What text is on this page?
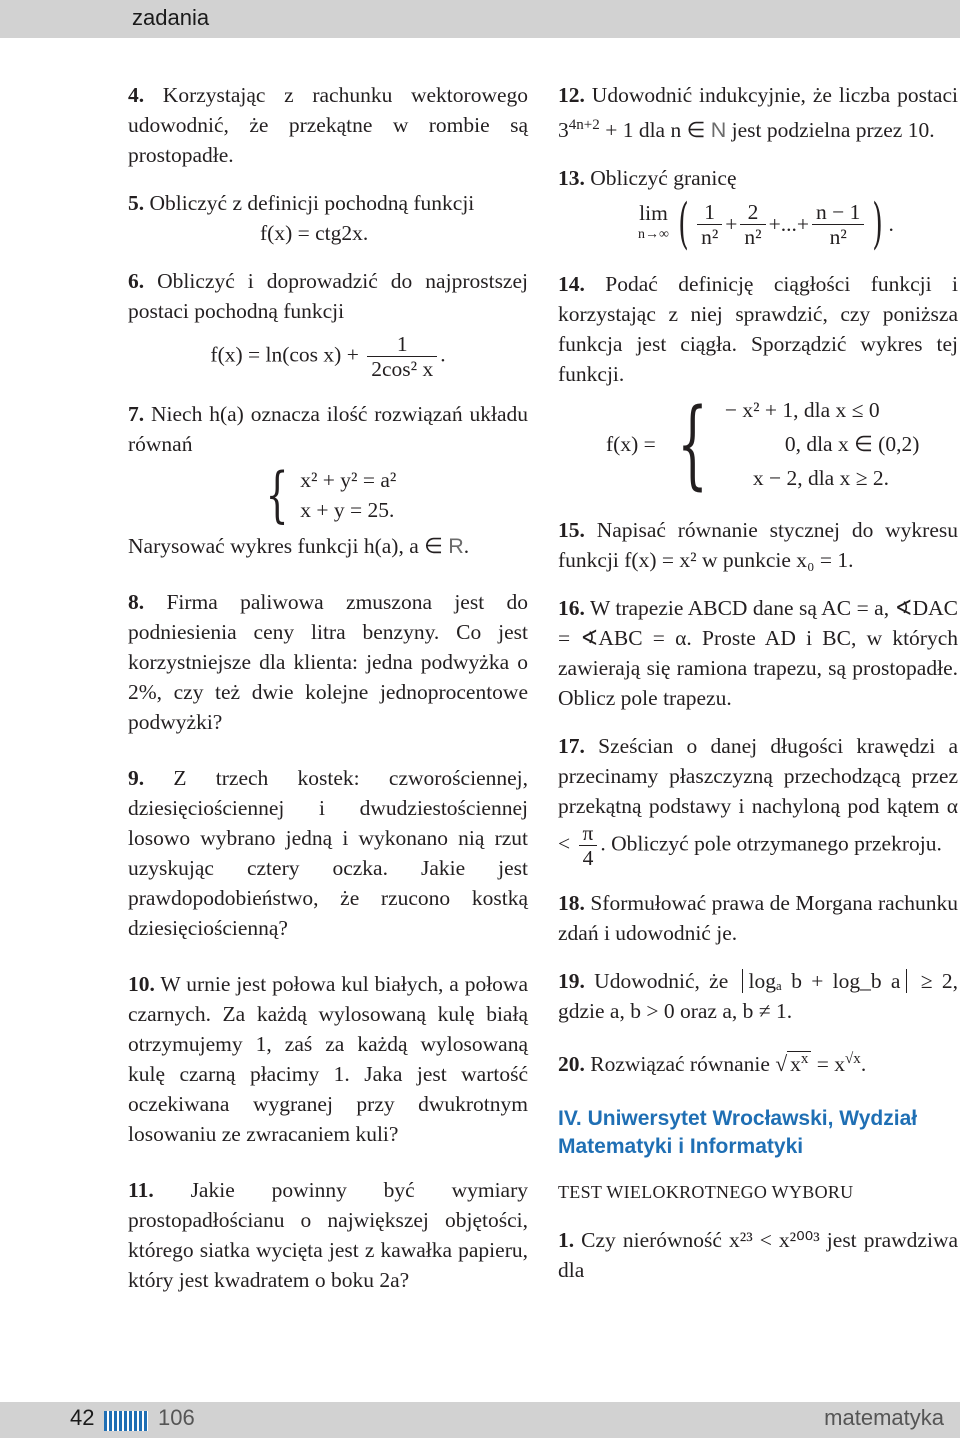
zadania

4. Korzystając z rachunku wektorowego udowodnić, że przekątne w rombie są prostopadłe.

5. Obliczyć z definicji pochodną funkcji
f(x) = ctg2x.

6. Obliczyć i doprowadzić do najprostszej postaci pochodną funkcji
f(x) = ln(cos $x) + \frac{1}{\text{2cos² x}}$ .

7. Niech h(a) oznacza ilość rozwiązań układu równań
{ x² + y² = a²
x + y = 25.
Narysować wykres funkcji h(a), a ∈ R.

8. Firma paliwowa zmuszona jest do podniesienia ceny litra benzyny. Co jest korzystniejsze dla klienta: jedna podwyżka o 2%, czy też dwie kolejne jednoprocentowe podwyżki?

9. Z trzech kostek: czworościennej, dziesięciościennej i dwudziestościennej losowo wybrano jedną i wykonano nią rzut uzyskując cztery oczka. Jakie jest prawdopodobieństwo, że rzucono kostką dziesięciościenną?

10. W urnie jest połowa kul białych, a połowa czarnych. Za każdą wylosowaną kulę białą otrzymujemy 1, zaś za każdą wylosowaną kulę czarną płacimy 1. Jaka jest wartość oczekiwana wygranej przy dwukrotnym losowaniu ze zwracaniem kuli?

11. Jakie powinny być wymiary prostopadłościanu o największej objętości, którego siatka wycięta jest z kawałka papieru, który jest kwadratem o boku 2a?

12. Udowodnić indukcyjnie, że liczba postaci $3^{4n+2} + 1$ dla n ∈ N jest podzielna przez 10.

13. Obliczyć granicę
lim
n→∞ ( $\frac{1}{\text{n²}} + \frac{2}{\text{n²}}$ +...+ $\frac{n - 1}{\text{n²}}$ ) .
14. Podać definicję ciągłości funkcji i korzystając z niej sprawdzić, czy poniższa funkcja jest ciągła. Sporządzić wykres tej funkcji.
f(x) = { − x² + 1, dla x ≤ 0
0, dla x ∈ (0,2)
x − 2, dla x ≥ 2.

15. Napisać równanie stycznej do wykresu funkcji f(x) = x² w punkcie x₀ = 1.

16. W trapezie ABCD dane są AC = a, ∢DAC = ∢ABC = α. Proste AD i BC, w których zawierają się ramiona trapezu, są prostopadłe. Oblicz pole trapezu.

17. Sześcian o danej długości krawędzi a przecinamy płaszczyzną przechodzącą przez przekątną podstawy i nachyloną pod kątem $\alpha < \frac{\pi}{4}$ . Obliczyć pole otrzymanego przekroju.

18. Sformułować prawa de Morgana rachunku zdań i udowodnić je.

19. Udowodnić, że logₐ b + log_b a ≥ 2, gdzie a, b > 0 oraz a, b ≠ 1.

20. Rozwiązać równanie √ $x^x = x^{√x}$.

IV. Uniwersytet Wrocławski, Wydział Matematyki i Informatyki
TEST WIELOKROTNEGO WYBORU

1. Czy nierówność x²³ < x²⁰⁰³ jest prawdziwa dla

42	106	matematyka
